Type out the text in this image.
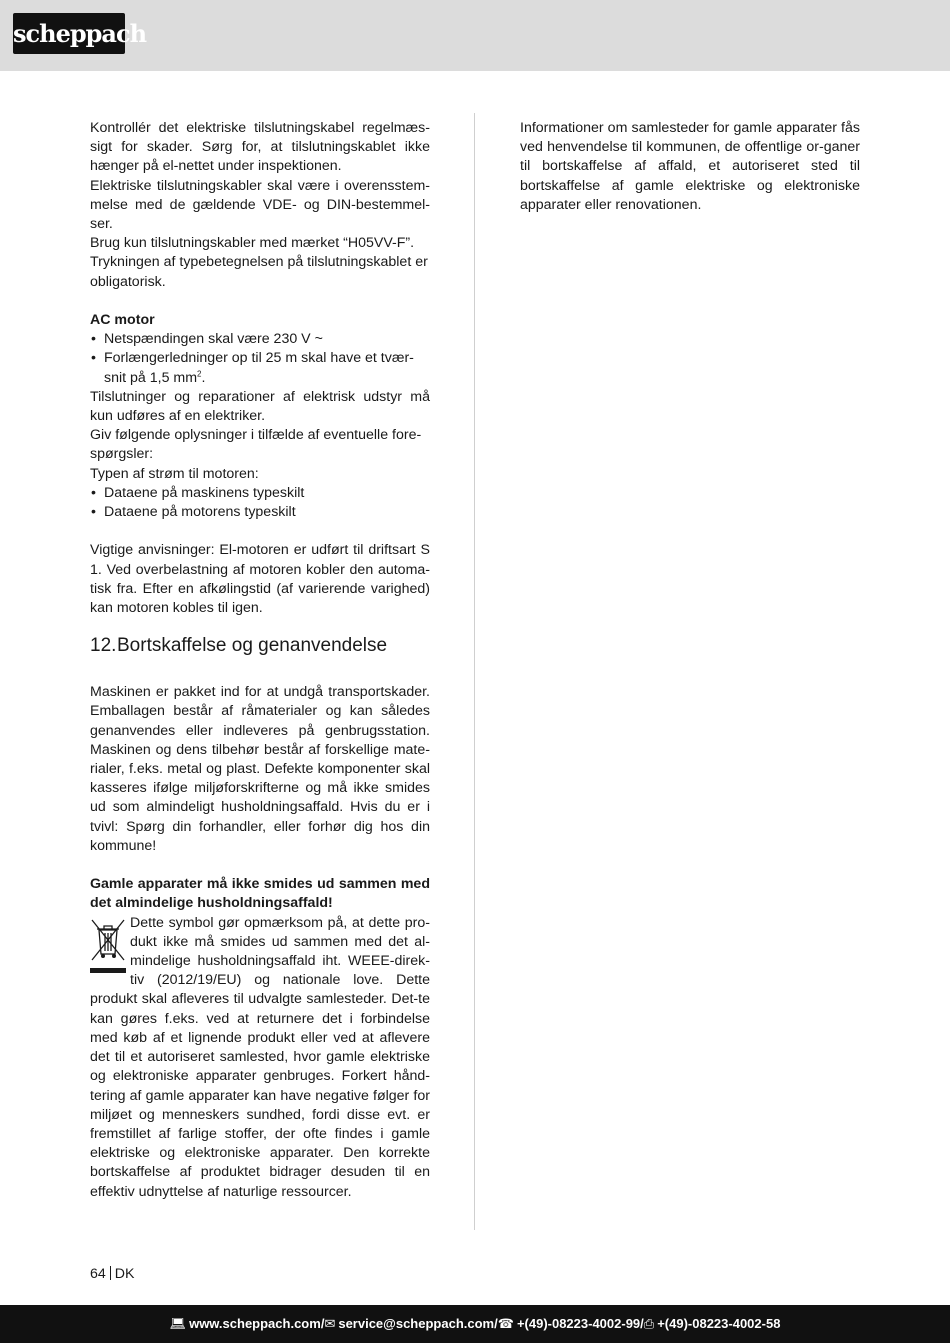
scheppach

Kontrollér det elektriske tilslutningskabel regelmæs-sigt for skader. Sørg for, at tilslutningskablet ikke hænger på el-nettet under inspektionen.

Elektriske tilslutningskabler skal være i overensstem-melse med de gældende VDE- og DIN-bestemmel-ser.

Brug kun tilslutningskabler med mærket “H05VV-F”.

Trykningen af typebetegnelsen på tilslutningskablet er obligatorisk.

AC motor

• Netspændingen skal være 230 V ~
• Forlængerledninger op til 25 m skal have et tvær-snit på 1,5 $mm^2$.

Tilslutninger og reparationer af elektrisk udstyr må kun udføres af en elektriker.

Giv følgende oplysninger i tilfælde af eventuelle fore-spørgsler:

Typen af strøm til motoren:

• Dataene på maskinens typeskilt
• Dataene på motorens typeskilt

Vigtige anvisninger: El-motoren er udført til driftsart S 1. Ved overbelastning af motoren kobler den automa-tisk fra. Efter en afkølingstid (af varierende varighed) kan motoren kobles til igen.

12.Bortskaffelse og genanvendelse

Maskinen er pakket ind for at undgå transportskader. Emballagen består af råmaterialer og kan således genanvendes eller indleveres på genbrugsstation. Maskinen og dens tilbehør består af forskellige mate-rialer, f.eks. metal og plast. Defekte komponenter skal kasseres ifølge miljøforskrifterne og må ikke smides ud som almindeligt husholdningsaffald. Hvis du er i tvivl: Spørg din forhandler, eller forhør dig hos din kommune!

Gamle apparater må ikke smides ud sammen med det almindelige husholdningsaffald!

Dette symbol gør opmærksom på, at dette pro-dukt ikke må smides ud sammen med det al-mindelige husholdningsaffald iht. WEEE-direk-tiv (2012/19/EU) og nationale love. Dette produkt skal afleveres til udvalgte samlesteder. Det-te kan gøres f.eks. ved at returnere det i forbindelse med køb af et lignende produkt eller ved at aflevere det til et autoriseret samlested, hvor gamle elektriske og elektroniske apparater genbruges. Forkert hånd-tering af gamle apparater kan have negative følger for miljøet og menneskers sundhed, fordi disse evt. er fremstillet af farlige stoffer, der ofte findes i gamle elektriske og elektroniske apparater. Den korrekte bortskaffelse af produktet bidrager desuden til en effektiv udnyttelse af naturlige ressourcer.

Informationer om samlesteder for gamle apparater fås ved henvendelse til kommunen, de offentlige or-ganer til bortskaffelse af affald, et autoriseret sted til bortskaffelse af gamle elektriske og elektroniske apparater eller renovationen.

64 DK
💻︎ www.scheppach.com/✉︎ service@scheppach.com/☎︎ +(49)-08223-4002-99/⎙ +(49)-08223-4002-58
